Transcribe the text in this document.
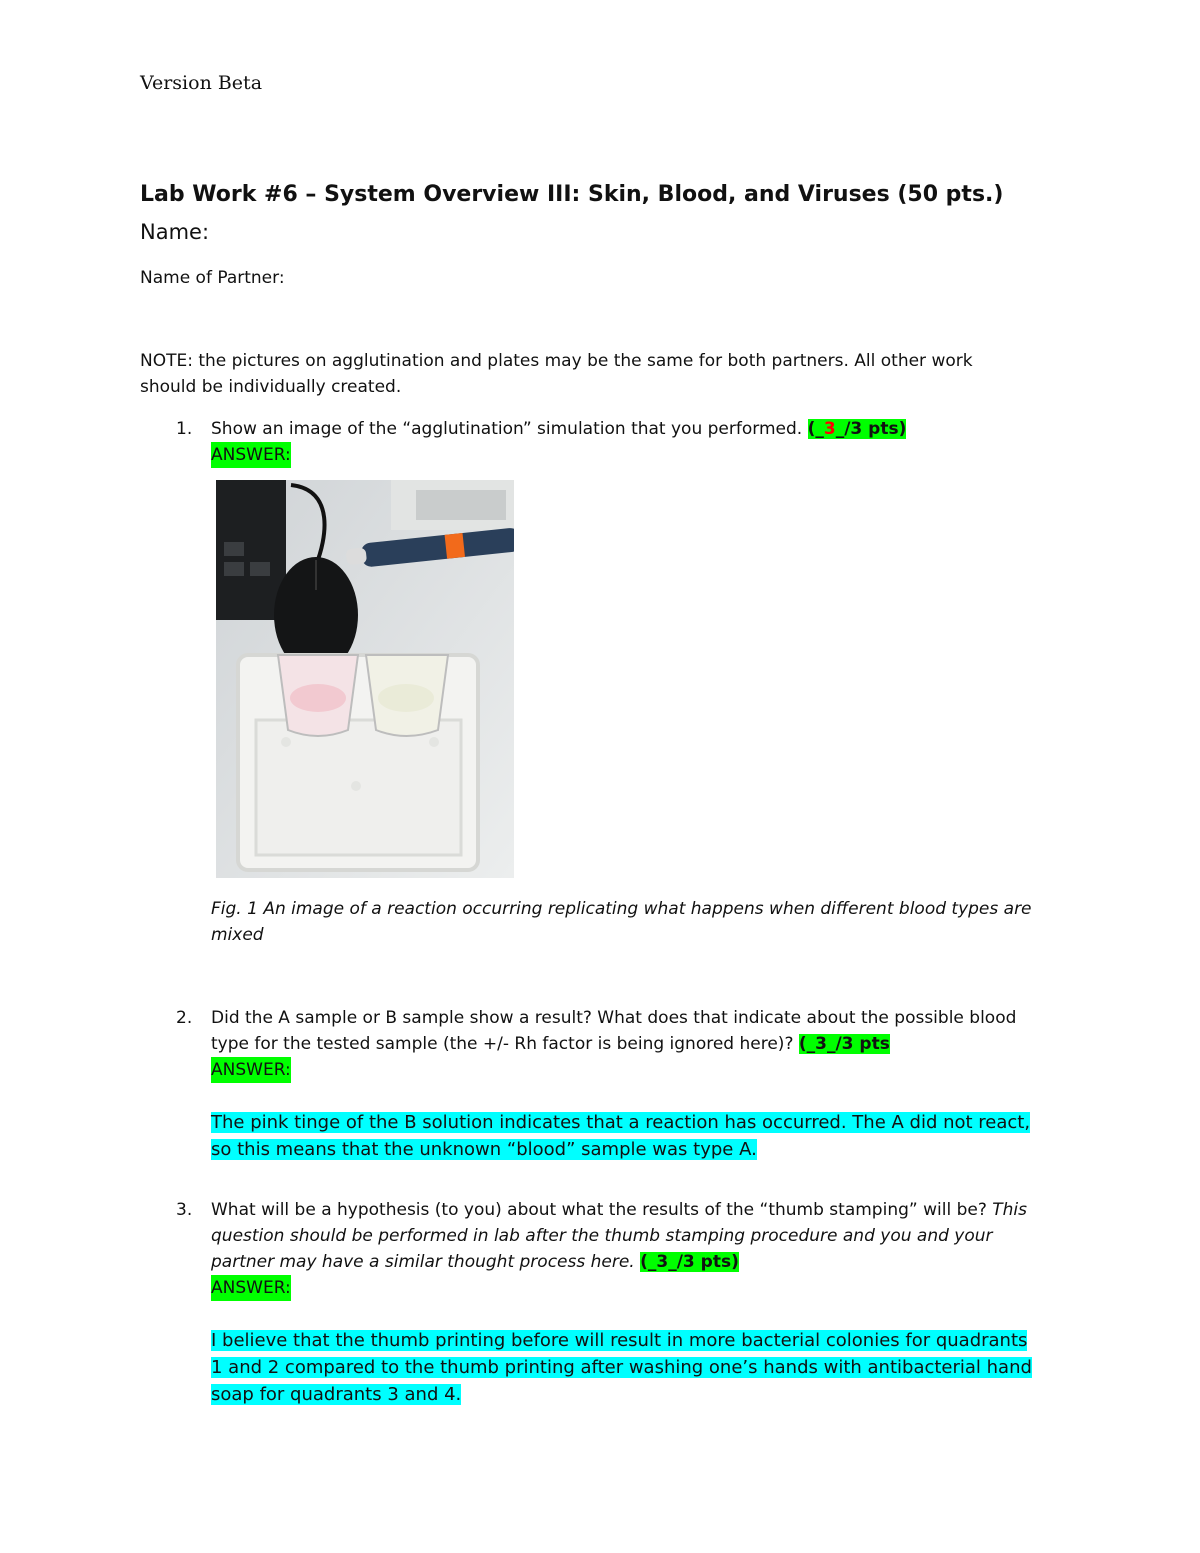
Version Beta
Lab Work #6 – System Overview III: Skin, Blood, and Viruses (50 pts.)
Name:
Name of Partner:
NOTE: the pictures on agglutination and plates may be the same for both partners. All other work should be individually created.
1. Show an image of the “agglutination” simulation that you performed. (_3_/3 pts)
ANSWER:
Fig. 1 An image of a reaction occurring replicating what happens when different blood types are mixed
2. Did the A sample or B sample show a result? What does that indicate about the possible blood type for the tested sample (the +/- Rh factor is being ignored here)? (_3_/3 pts
ANSWER:
The pink tinge of the B solution indicates that a reaction has occurred. The A did not react, so this means that the unknown “blood” sample was type A.
3. What will be a hypothesis (to you) about what the results of the “thumb stamping” will be? This question should be performed in lab after the thumb stamping procedure and you and your partner may have a similar thought process here. (_3_/3 pts)
ANSWER:
I believe that the thumb printing before will result in more bacterial colonies for quadrants 1 and 2 compared to the thumb printing after washing one’s hands with antibacterial hand soap for quadrants 3 and 4.
